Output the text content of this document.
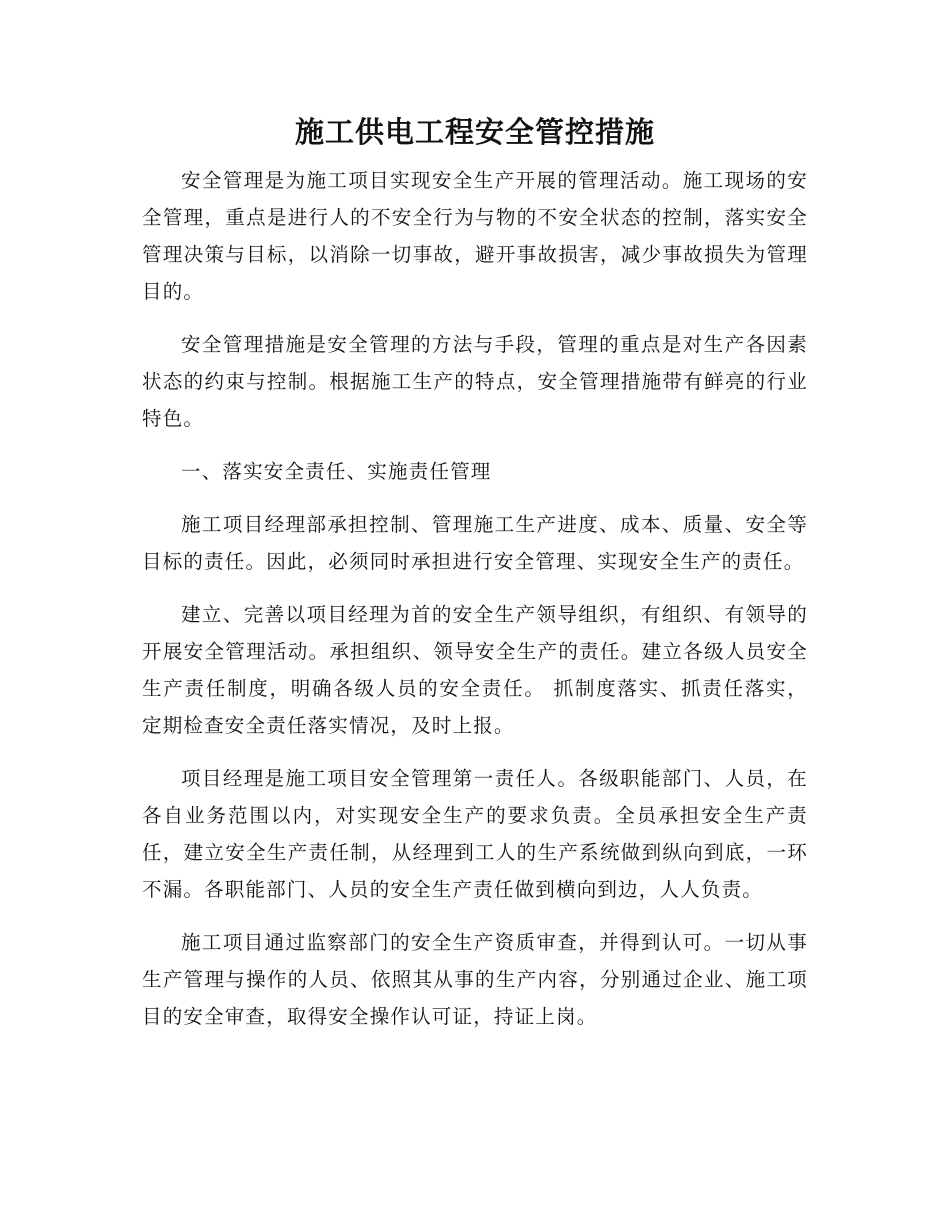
施工供电工程安全管控措施

安全管理是为施工项目实现安全生产开展的管理活动。施工现场的安全管理，重点是进行人的不安全行为与物的不安全状态的控制，落实安全管理决策与目标，以消除一切事故，避开事故损害，减少事故损失为管理目的。

安全管理措施是安全管理的方法与手段，管理的重点是对生产各因素状态的约束与控制。根据施工生产的特点，安全管理措施带有鲜亮的行业特色。

一、落实安全责任、实施责任管理

施工项目经理部承担控制、管理施工生产进度、成本、质量、安全等目标的责任。因此，必须同时承担进行安全管理、实现安全生产的责任。

建立、完善以项目经理为首的安全生产领导组织，有组织、有领导的开展安全管理活动。承担组织、领导安全生产的责任。建立各级人员安全生产责任制度，明确各级人员的安全责任。 抓制度落实、抓责任落实，定期检查安全责任落实情况，及时上报。

项目经理是施工项目安全管理第一责任人。各级职能部门、人员，在各自业务范围以内，对实现安全生产的要求负责。全员承担安全生产责任，建立安全生产责任制，从经理到工人的生产系统做到纵向到底，一环不漏。各职能部门、人员的安全生产责任做到横向到边，人人负责。

施工项目通过监察部门的安全生产资质审查，并得到认可。一切从事生产管理与操作的人员、依照其从事的生产内容，分别通过企业、施工项目的安全审查，取得安全操作认可证，持证上岗。
